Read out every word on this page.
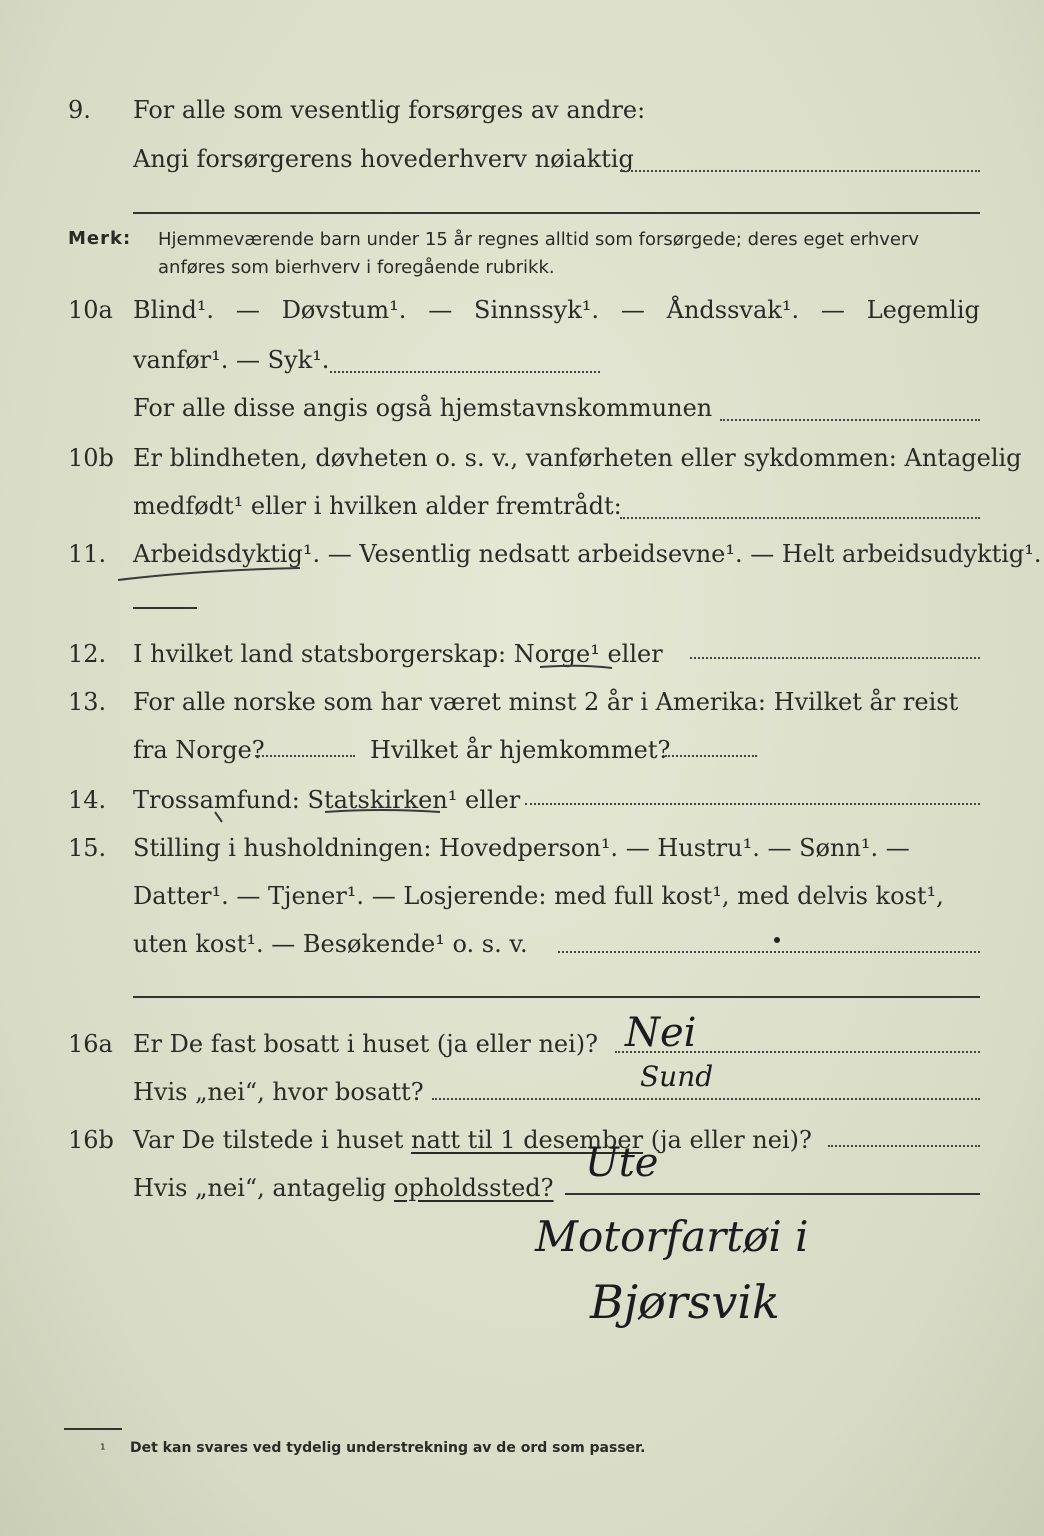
9. For alle som vesentlig forsørges av andre:
Angi forsørgerens hovederhverv nøiaktig
Merk: Hjemmeværende barn under 15 år regnes alltid som forsørgede; deres eget erhverv anføres som bierhverv i foregående rubrikk.
10a Blind¹. — Døvstum¹. — Sinnssyk¹. — Åndssvak¹. — Legemlig
vanfør¹. — Syk¹.
For alle disse angis også hjemstavnskommunen
10b Er blindheten, døvheten o. s. v., vanførheten eller sykdommen: Antagelig
medfødt¹ eller i hvilken alder fremtrådt:
11. Arbeidsdyktig¹. — Vesentlig nedsatt arbeidsevne¹. — Helt arbeidsudyktig¹.
12. I hvilket land statsborgerskap: Norge¹ eller
13. For alle norske som har været minst 2 år i Amerika: Hvilket år reist
fra Norge?	Hvilket år hjemkommet?
14. Trossamfund: Statskirken¹ eller
15. Stilling i husholdningen: Hovedperson¹. — Hustru¹. — Sønn¹. —
Datter¹. — Tjener¹. — Losjerende: med full kost¹, med delvis kost¹,
uten kost¹. — Besøkende¹ o. s. v.
16a Er De fast bosatt i huset (ja eller nei)? Nei
Hvis „nei“, hvor bosatt?	Sund
16b Var De tilstede i huset natt til 1 desember (ja eller nei)?
Hvis „nei“, antagelig opholdssted?
Ute
Motorfartøi i
Bjørsvik
¹ Det kan svares ved tydelig understrekning av de ord som passer.
